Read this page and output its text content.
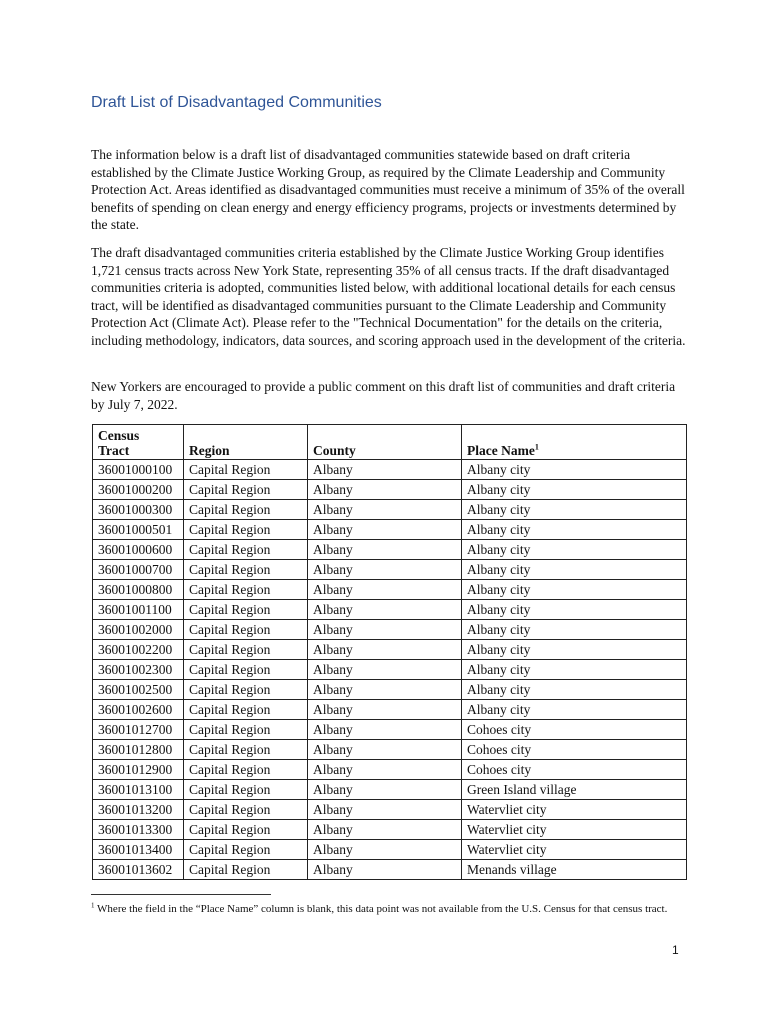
Draft List of Disadvantaged Communities

The information below is a draft list of disadvantaged communities statewide based on draft criteria established by the Climate Justice Working Group, as required by the Climate Leadership and Community Protection Act. Areas identified as disadvantaged communities must receive a minimum of 35% of the overall benefits of spending on clean energy and energy efficiency programs, projects or investments determined by the state.

The draft disadvantaged communities criteria established by the Climate Justice Working Group identifies 1,721 census tracts across New York State, representing 35% of all census tracts. If the draft disadvantaged communities criteria is adopted, communities listed below, with additional locational details for each census tract, will be identified as disadvantaged communities pursuant to the Climate Leadership and Community Protection Act (Climate Act). Please refer to the "Technical Documentation" for the details on the criteria, including methodology, indicators, data sources, and scoring approach used in the development of the criteria.

New Yorkers are encouraged to provide a public comment on this draft list of communities and draft criteria by July 7, 2022.

Census
Tract	Region	County	Place Name$^1$
36001000100	Capital Region	Albany	Albany city
36001000200	Capital Region	Albany	Albany city
36001000300	Capital Region	Albany	Albany city
36001000501	Capital Region	Albany	Albany city
36001000600	Capital Region	Albany	Albany city
36001000700	Capital Region	Albany	Albany city
36001000800	Capital Region	Albany	Albany city
36001001100	Capital Region	Albany	Albany city
36001002000	Capital Region	Albany	Albany city
36001002200	Capital Region	Albany	Albany city
36001002300	Capital Region	Albany	Albany city
36001002500	Capital Region	Albany	Albany city
36001002600	Capital Region	Albany	Albany city
36001012700	Capital Region	Albany	Cohoes city
36001012800	Capital Region	Albany	Cohoes city
36001012900	Capital Region	Albany	Cohoes city
36001013100	Capital Region	Albany	Green Island village
36001013200	Capital Region	Albany	Watervliet city
36001013300	Capital Region	Albany	Watervliet city
36001013400	Capital Region	Albany	Watervliet city
36001013602	Capital Region	Albany	Menands village

$^1$ Where the field in the “Place Name” column is blank, this data point was not available from the U.S. Census for that census tract.

1
